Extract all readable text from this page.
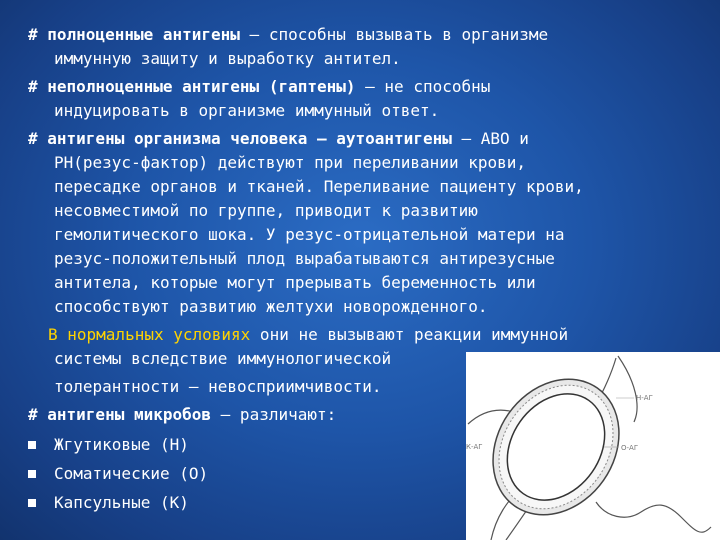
# полноценные антигены – способны вызывать в организме
иммунную защиту и выработку антител.
# неполноценные антигены (гаптены) – не способны
индуцировать в организме иммунный ответ.
# антигены организма человека – аутоантигены – АВО и
РН(резус-фактор) действуют при переливании крови,
пересадке органов и тканей. Переливание пациенту крови,
несовместимой по группе, приводит к развитию
гемолитического шока. У резус-отрицательной матери на
резус-положительный плод вырабатываются антирезусные
антитела, которые могут прерывать беременность или
способствуют развитию желтухи новорожденного.
В нормальных условиях они не вызывают реакции иммунной
системы вследствие иммунологической
толерантности – невосприимчивости.
# антигены микробов – различают:
Жгутиковые (Н)
Соматические (О)
Капсульные (К)
Н-АГ
О-АГ
К-АГ
